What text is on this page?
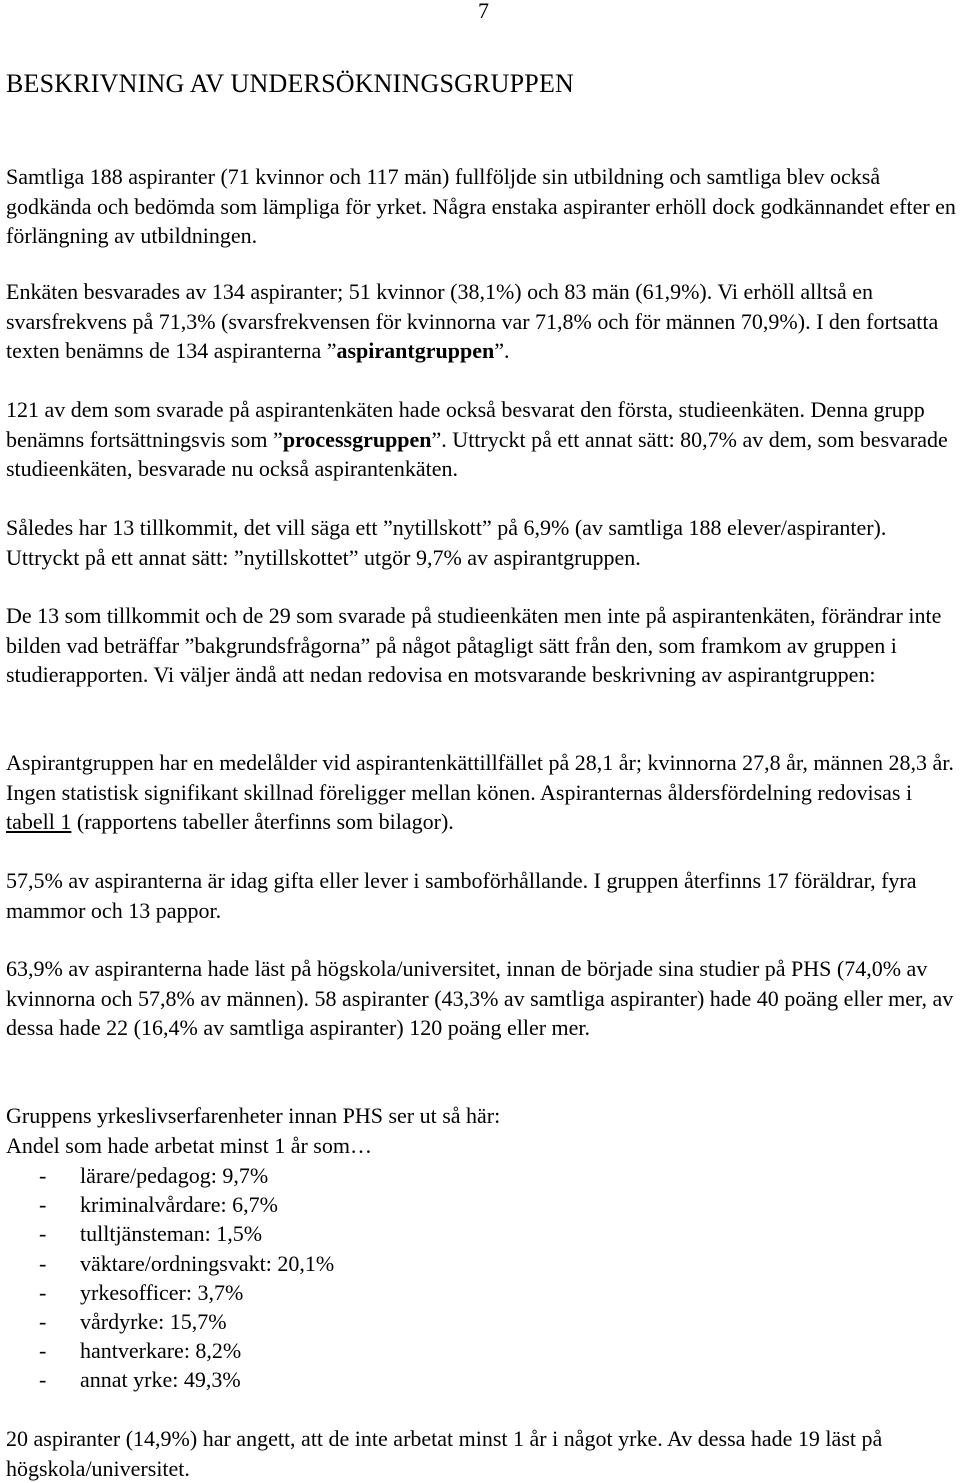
7
BESKRIVNING AV UNDERSÖKNINGSGRUPPEN

Samtliga 188 aspiranter (71 kvinnor och 117 män) fullföljde sin utbildning och samtliga blev också godkända och bedömda som lämpliga för yrket. Några enstaka aspiranter erhöll dock godkännandet efter en förlängning av utbildningen.

Enkäten besvarades av 134 aspiranter; 51 kvinnor (38,1%) och 83 män (61,9%). Vi erhöll alltså en svarsfrekvens på 71,3% (svarsfrekvensen för kvinnorna var 71,8% och för männen 70,9%). I den fortsatta texten benämns de 134 aspiranterna ”aspirantgruppen”.

121 av dem som svarade på aspirantenkäten hade också besvarat den första, studieenkäten. Denna grupp benämns fortsättningsvis som ”processgruppen”. Uttryckt på ett annat sätt: 80,7% av dem, som besvarade studieenkäten, besvarade nu också aspirantenkäten.

Således har 13 tillkommit, det vill säga ett ”nytillskott” på 6,9% (av samtliga 188 elever/aspiranter). Uttryckt på ett annat sätt: ”nytillskottet” utgör 9,7% av aspirantgruppen.

De 13 som tillkommit och de 29 som svarade på studieenkäten men inte på aspirantenkäten, förändrar inte bilden vad beträffar ”bakgrundsfrågorna” på något påtagligt sätt från den, som framkom av gruppen i studierapporten. Vi väljer ändå att nedan redovisa en motsvarande beskrivning av aspirantgruppen:

Aspirantgruppen har en medelålder vid aspirantenkättillfället på 28,1 år; kvinnorna 27,8 år, männen 28,3 år. Ingen statistisk signifikant skillnad föreligger mellan könen. Aspiranternas åldersfördelning redovisas i tabell 1 (rapportens tabeller återfinns som bilagor).

57,5% av aspiranterna är idag gifta eller lever i samboförhållande. I gruppen återfinns 17 föräldrar, fyra mammor och 13 pappor.

63,9% av aspiranterna hade läst på högskola/universitet, innan de började sina studier på PHS (74,0% av kvinnorna och 57,8% av männen). 58 aspiranter (43,3% av samtliga aspiranter) hade 40 poäng eller mer, av dessa hade 22 (16,4% av samtliga aspiranter) 120 poäng eller mer.

Gruppens yrkeslivserfarenheter innan PHS ser ut så här:
Andel som hade arbetat minst 1 år som…

-	lärare/pedagog: 9,7%
-	kriminalvårdare: 6,7%
-	tulltjänsteman: 1,5%
-	väktare/ordningsvakt: 20,1%
-	yrkesofficer: 3,7%
-	vårdyrke: 15,7%
-	hantverkare: 8,2%
-	annat yrke: 49,3%

20 aspiranter (14,9%) har angett, att de inte arbetat minst 1 år i något yrke. Av dessa hade 19 läst på högskola/universitet.
